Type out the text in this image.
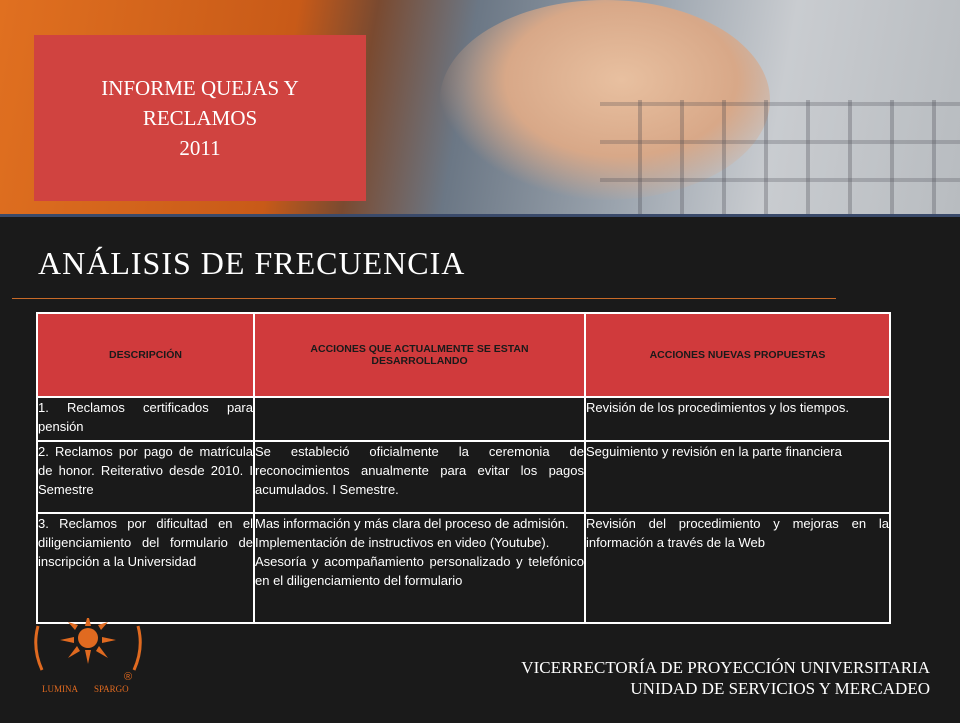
INFORME QUEJAS Y
RECLAMOS
2011
ANÁLISIS DE FRECUENCIA
DESCRIPCIÓN	ACCIONES QUE ACTUALMENTE SE ESTAN DESARROLLANDO	ACCIONES NUEVAS PROPUESTAS
1. Reclamos certificados para pensión		Revisión de los procedimientos y los tiempos.
2. Reclamos por pago de matrícula de honor. Reiterativo desde 2010. I Semestre	Se estableció oficialmente la ceremonia de reconocimientos anualmente para evitar los pagos acumulados. I Semestre.	Seguimiento y revisión en la parte financiera
3. Reclamos por dificultad en el diligenciamiento del formulario de inscripción a la Universidad	Mas información y más clara del proceso de admisión.
Implementación de instructivos en video (Youtube).
Asesoría y acompañamiento personalizado y telefónico en el diligenciamiento del formulario	Revisión del procedimiento y mejoras en la información a través de la Web
LUMINA SPARGO
®	VICERRECTORÍA DE PROYECCIÓN UNIVERSITARIA
UNIDAD DE SERVICIOS Y MERCADEO
